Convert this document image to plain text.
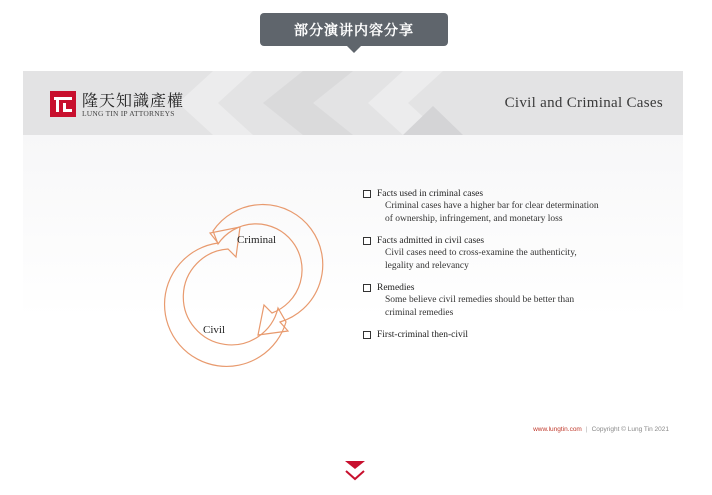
部分演讲内容分享
隆天知識產權
LUNG TIN IP ATTORNEYS
Civil and Criminal Cases
Criminal
Civil
Facts used in criminal cases
Criminal cases have a higher bar for clear determination of ownership, infringement, and monetary loss
Facts admitted in civil cases
Civil cases need to cross-examine the authenticity, legality and relevancy
Remedies
Some believe civil remedies should be better than criminal remedies
First-criminal then-civil
www.lungtin.com | Copyright © Lung Tin 2021
